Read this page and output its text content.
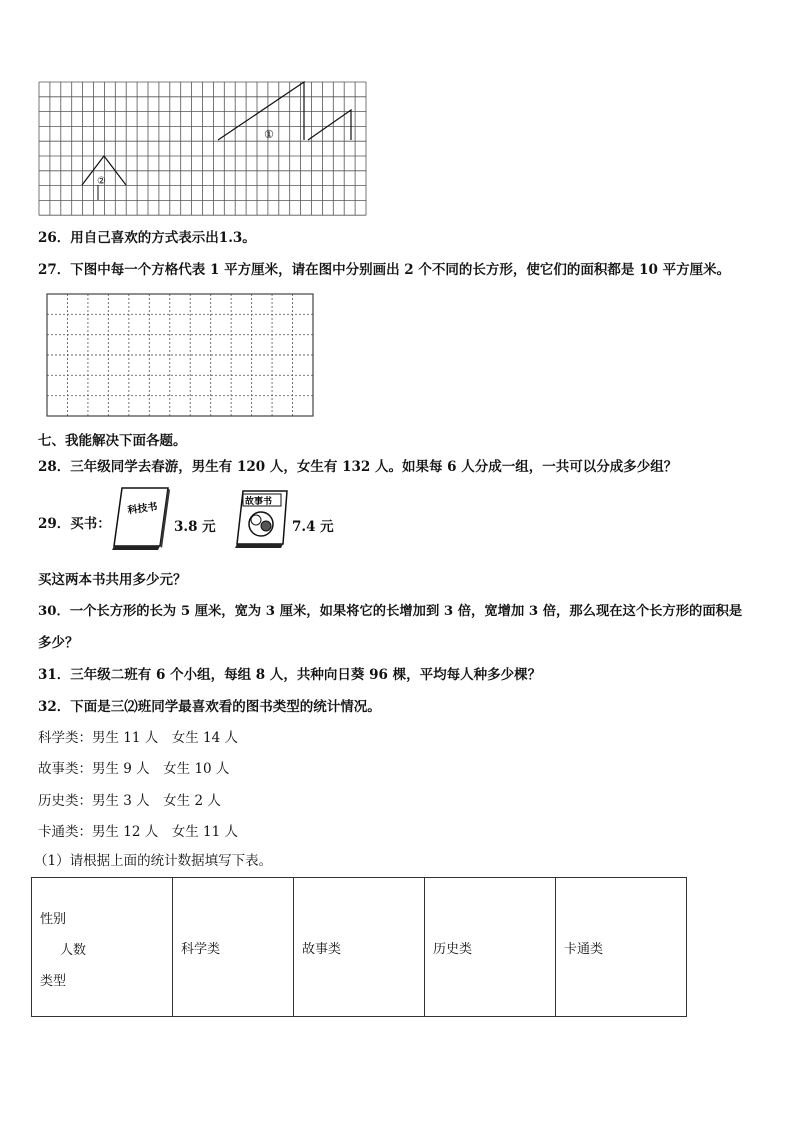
①
②
26．用自己喜欢的方式表示出1.3。
27．下图中每一个方格代表 1 平方厘米，请在图中分别画出 2 个不同的长方形，使它们的面积都是 10 平方厘米。
七、我能解决下面各题。
28．三年级同学去春游，男生有 120 人，女生有 132 人。如果每 6 人分成一组，一共可以分成多少组？
29．买书：
科技书
3.8 元
故事书
7.4 元
买这两本书共用多少元？
30．一个长方形的长为 5 厘米，宽为 3 厘米，如果将它的长增加到 3 倍，宽增加 3 倍，那么现在这个长方形的面积是
多少？
31．三年级二班有 6 个小组，每组 8 人，共种向日葵 96 棵，平均每人种多少棵？
32．下面是三⑵班同学最喜欢看的图书类型的统计情况。
科学类：男生 11 人  女生 14 人
故事类：男生 9 人  女生 10 人
历史类：男生 3 人  女生 2 人
卡通类：男生 12 人  女生 11 人
（1）请根据上面的统计数据填写下表。
性别
人数
类型
	科学类	故事类	历史类	卡通类
